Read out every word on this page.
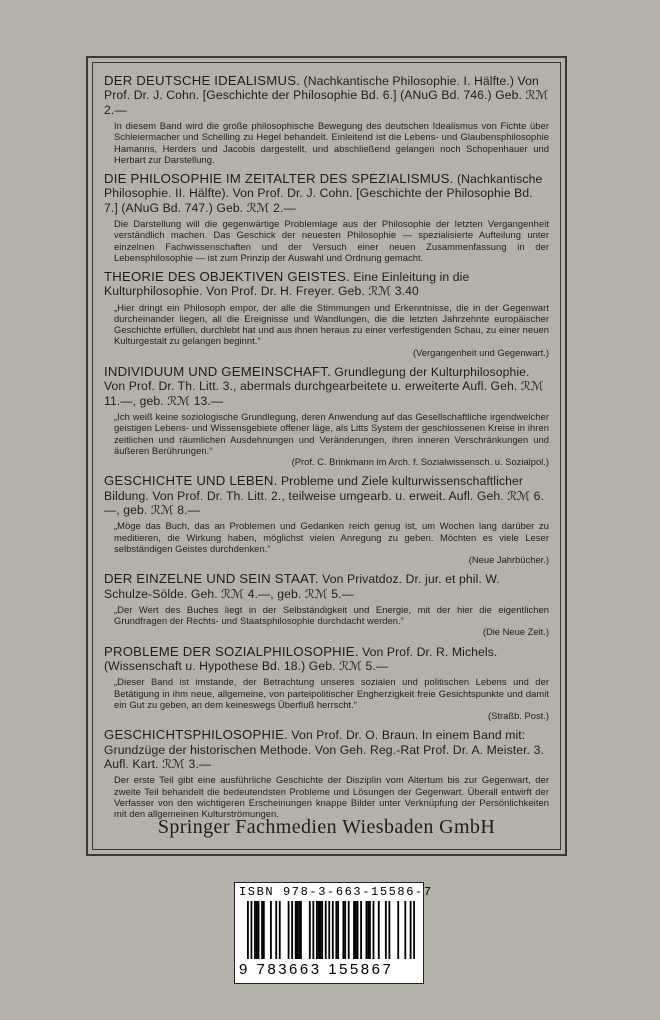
DER DEUTSCHE IDEALISMUS. (Nachkantische Philosophie. I. Hälfte.) Von Prof. Dr. J. Cohn. [Geschichte der Philosophie Bd. 6.] (ANuG Bd. 746.) Geb. ℛℳ 2.—

In diesem Band wird die große philosophische Bewegung des deutschen Idealismus von Fichte über Schleiermacher und Schelling zu Hegel behandelt. Einleitend ist die Lebens- und Glaubensphilosophie Hamanns, Herders und Jacobis dargestellt, und abschließend gelangen noch Schopenhauer und Herbart zur Darstellung.

DIE PHILOSOPHIE IM ZEITALTER DES SPEZIALISMUS. (Nachkantische Philosophie. II. Hälfte). Von Prof. Dr. J. Cohn. [Geschichte der Philosophie Bd. 7.] (ANuG Bd. 747.) Geb. ℛℳ 2.—

Die Darstellung will die gegenwärtige Problemlage aus der Philosophie der letzten Vergangenheit verständlich machen. Das Geschick der neuesten Philosophie — spezialisierte Aufteilung unter einzelnen Fachwissenschaften und der Versuch einer neuen Zusammenfassung in der Lebensphilosophie — ist zum Prinzip der Auswahl und Ordnung gemacht.

THEORIE DES OBJEKTIVEN GEISTES. Eine Einleitung in die Kulturphilosophie. Von Prof. Dr. H. Freyer. Geb. ℛℳ 3.40

„Hier dringt ein Philosoph empor, der alle die Stimmungen und Erkenntnisse, die in der Gegenwart durcheinander liegen, all die Ereignisse und Wandlungen, die die letzten Jahrzehnte europäischer Geschichte erfüllen, durchlebt hat und aus ihnen heraus zu einer verfestigenden Schau, zu einer neuen Kulturgestalt zu gelangen beginnt.“

(Vergangenheit und Gegenwart.)

INDIVIDUUM UND GEMEINSCHAFT. Grundlegung der Kulturphilosophie. Von Prof. Dr. Th. Litt. 3., abermals durchgearbeitete u. erweiterte Aufl. Geh. ℛℳ 11.—, geb. ℛℳ 13.—

„Ich weiß keine soziologische Grundlegung, deren Anwendung auf das Gesellschaftliche irgendwelcher geistigen Lebens- und Wissensgebiete offener läge, als Litts System der geschlossenen Kreise in ihren zeitlichen und räumlichen Ausdehnungen und Veränderungen, ihren inneren Verschränkungen und äußeren Berührungen.“

(Prof. C. Brinkmann im Arch. f. Sozialwissensch. u. Sozialpol.)

GESCHICHTE UND LEBEN. Probleme und Ziele kulturwissenschaftlicher Bildung. Von Prof. Dr. Th. Litt. 2., teilweise umgearb. u. erweit. Aufl. Geh. ℛℳ 6.—, geb. ℛℳ 8.—

„Möge das Buch, das an Problemen und Gedanken reich genug ist, um Wochen lang darüber zu meditieren, die Wirkung haben, möglichst vielen Anregung zu geben. Möchten es viele Leser selbständigen Geistes durchdenken.“

(Neue Jahrbücher.)

DER EINZELNE UND SEIN STAAT. Von Privatdoz. Dr. jur. et phil. W. Schulze-Sölde. Geh. ℛℳ 4.—, geb. ℛℳ 5.—

„Der Wert des Buches liegt in der Selbständigkeit und Energie, mit der hier die eigentlichen Grundfragen der Rechts- und Staatsphilosophie durchdacht werden.“

(Die Neue Zeit.)

PROBLEME DER SOZIALPHILOSOPHIE. Von Prof. Dr. R. Michels. (Wissenschaft u. Hypothese Bd. 18.) Geb. ℛℳ 5.—

„Dieser Band ist imstande, der Betrachtung unseres sozialen und politischen Lebens und der Betätigung in ihm neue, allgemeine, von parteipolitischer Engherzigkeit freie Gesichtspunkte und damit ein Gut zu geben, an dem keineswegs Überfluß herrscht.“

(Straßb. Post.)

GESCHICHTSPHILOSOPHIE. Von Prof. Dr. O. Braun. In einem Band mit: Grundzüge der historischen Methode. Von Geh. Reg.-Rat Prof. Dr. A. Meister. 3. Aufl. Kart. ℛℳ 3.—

Der erste Teil gibt eine ausführliche Geschichte der Disziplin vom Altertum bis zur Gegenwart, der zweite Teil behandelt die bedeutendsten Probleme und Lösungen der Gegenwart. Überall entwirft der Verfasser von den wichtigeren Erscheinungen knappe Bilder unter Verknüpfung der Persönlichkeiten mit den allgemeinen Kulturströmungen.

Springer Fachmedien Wiesbaden GmbH
ISBN 978-3-663-15586-7
9 783663 155867
